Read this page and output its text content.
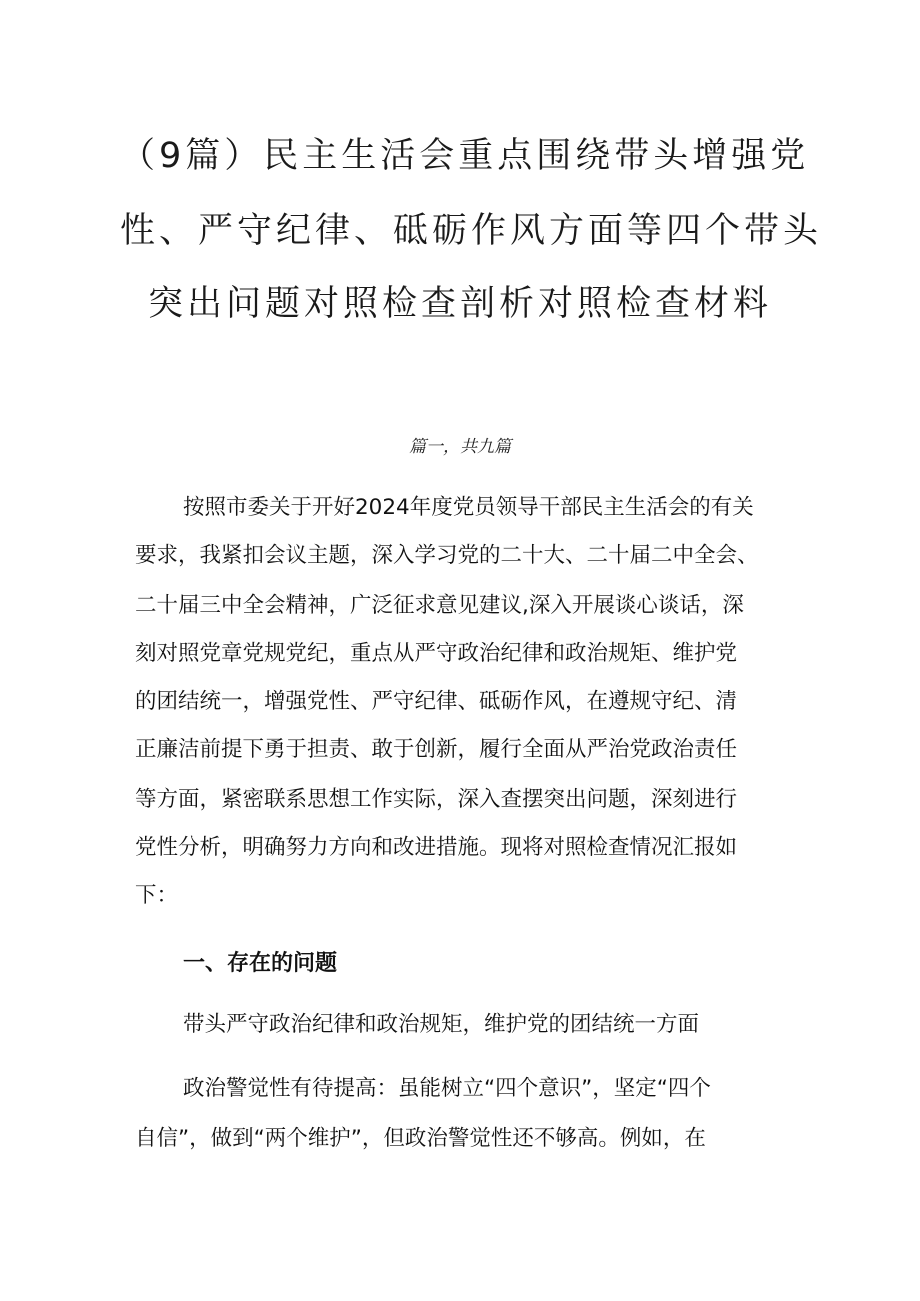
（9篇）民主生活会重点围绕带头增强党
性、严守纪律、砥砺作风方面等四个带头
突出问题对照检查剖析对照检查材料
篇一，共九篇
按照市委关于开好2024年度党员领导干部民主生活会的有关
要求，我紧扣会议主题，深入学习党的二十大、二十届二中全会、
二十届三中全会精神，广泛征求意见建议,深入开展谈心谈话，深
刻对照党章党规党纪，重点从严守政治纪律和政治规矩、维护党
的团结统一，增强党性、严守纪律、砥砺作风，在遵规守纪、清
正廉洁前提下勇于担责、敢于创新，履行全面从严治党政治责任
等方面，紧密联系思想工作实际，深入查摆突出问题，深刻进行
党性分析，明确努力方向和改进措施。现将对照检查情况汇报如
下：
一、存在的问题
带头严守政治纪律和政治规矩，维护党的团结统一方面
政治警觉性有待提高：虽能树立“四个意识”，坚定“四个
自信”，做到“两个维护”，但政治警觉性还不够高。例如，在
